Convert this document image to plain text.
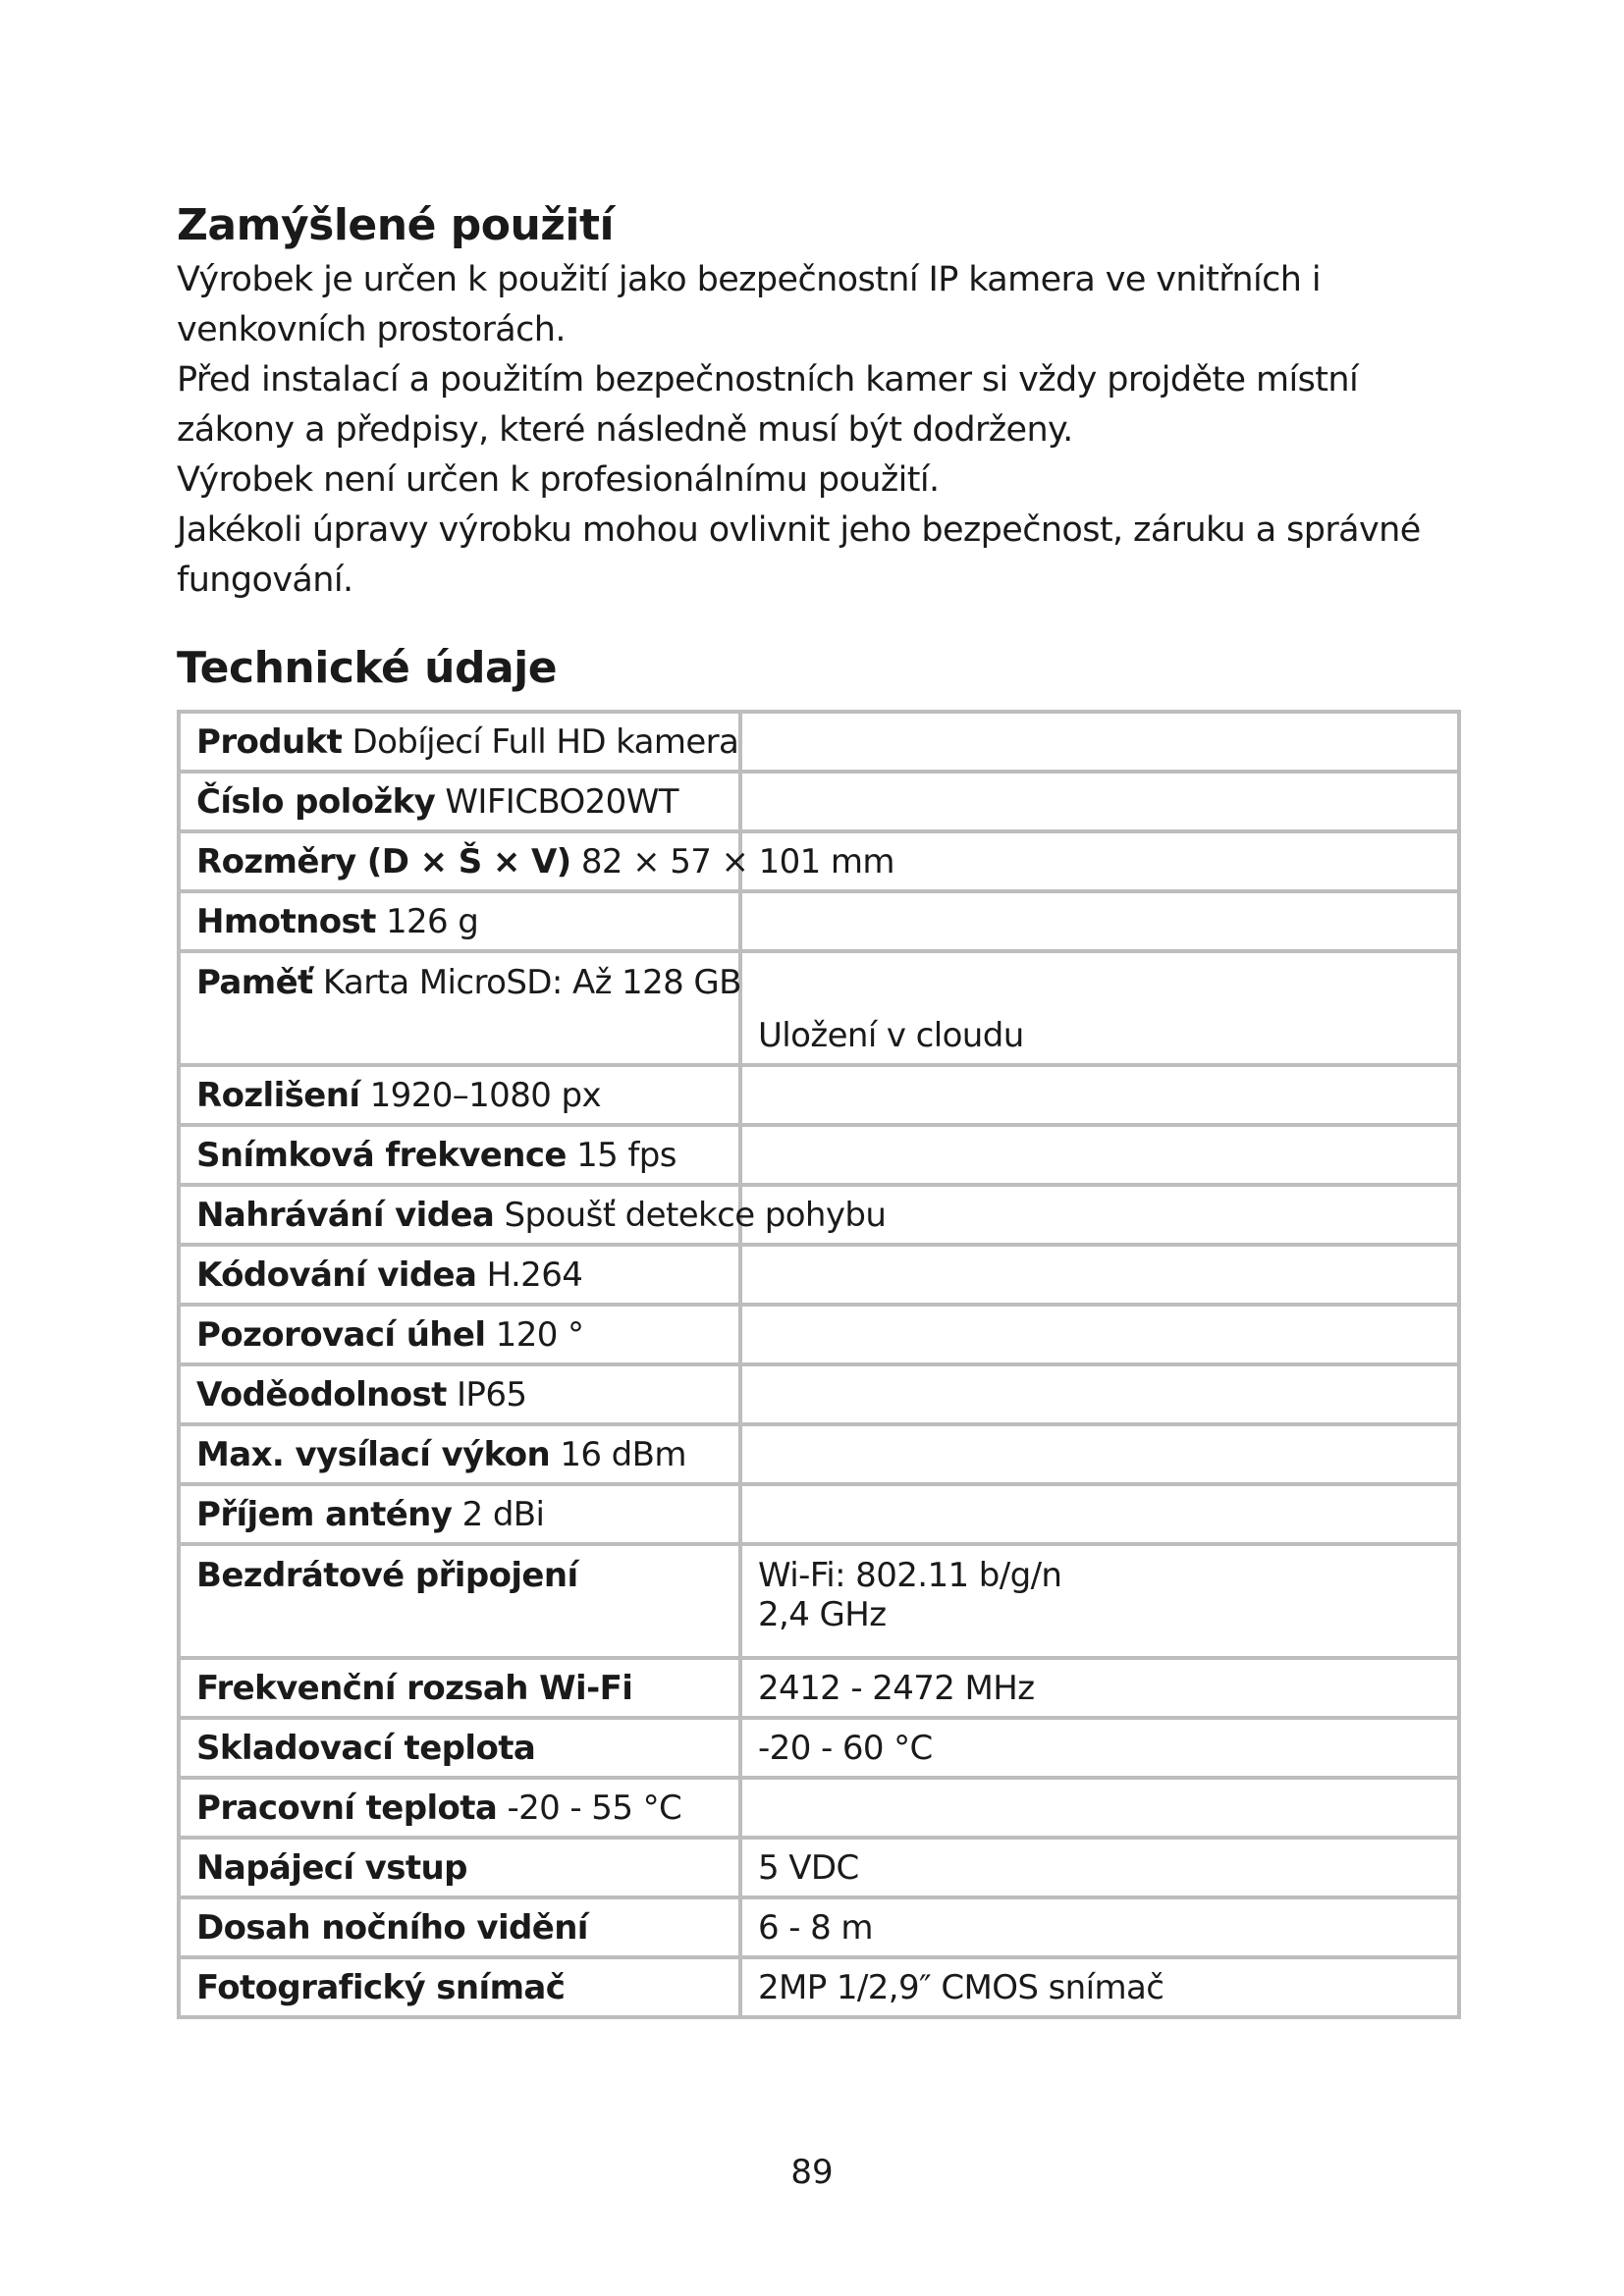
Zamýšlené použití

Výrobek je určen k použití jako bezpečnostní IP kamera ve vnitřních i venkovních prostorách.

Před instalací a použitím bezpečnostních kamer si vždy projděte místní zákony a předpisy, které následně musí být dodrženy.

Výrobek není určen k profesionálnímu použití.

Jakékoli úpravy výrobku mohou ovlivnit jeho bezpečnost, záruku a správné fungování.

Technické údaje
Produkt Dobíjecí Full HD kamera	
Číslo položky WIFICBO20WT	
Rozměry (D × Š × V) 82 × 57 × 101 mm	
Hmotnost 126 g	
Paměť Karta MicroSD: Až 128 GB	Uložení v cloudu
Rozlišení 1920–1080 px	
Snímková frekvence 15 fps	
Nahrávání videa Spoušť detekce pohybu	
Kódování videa H.264	
Pozorovací úhel 120 °	
Voděodolnost IP65	
Max. vysílací výkon 16 dBm	
Příjem antény 2 dBi	
Bezdrátové připojení	Wi-Fi: 802.11 b/g/n
2,4 GHz
Frekvenční rozsah Wi-Fi	2412 - 2472 MHz
Skladovací teplota	-20 - 60 °C
Pracovní teplota -20 - 55 °C	
Napájecí vstup	5 VDC
Dosah nočního vidění	6 - 8 m
Fotografický snímač	2MP 1/2,9″ CMOS snímač
89
